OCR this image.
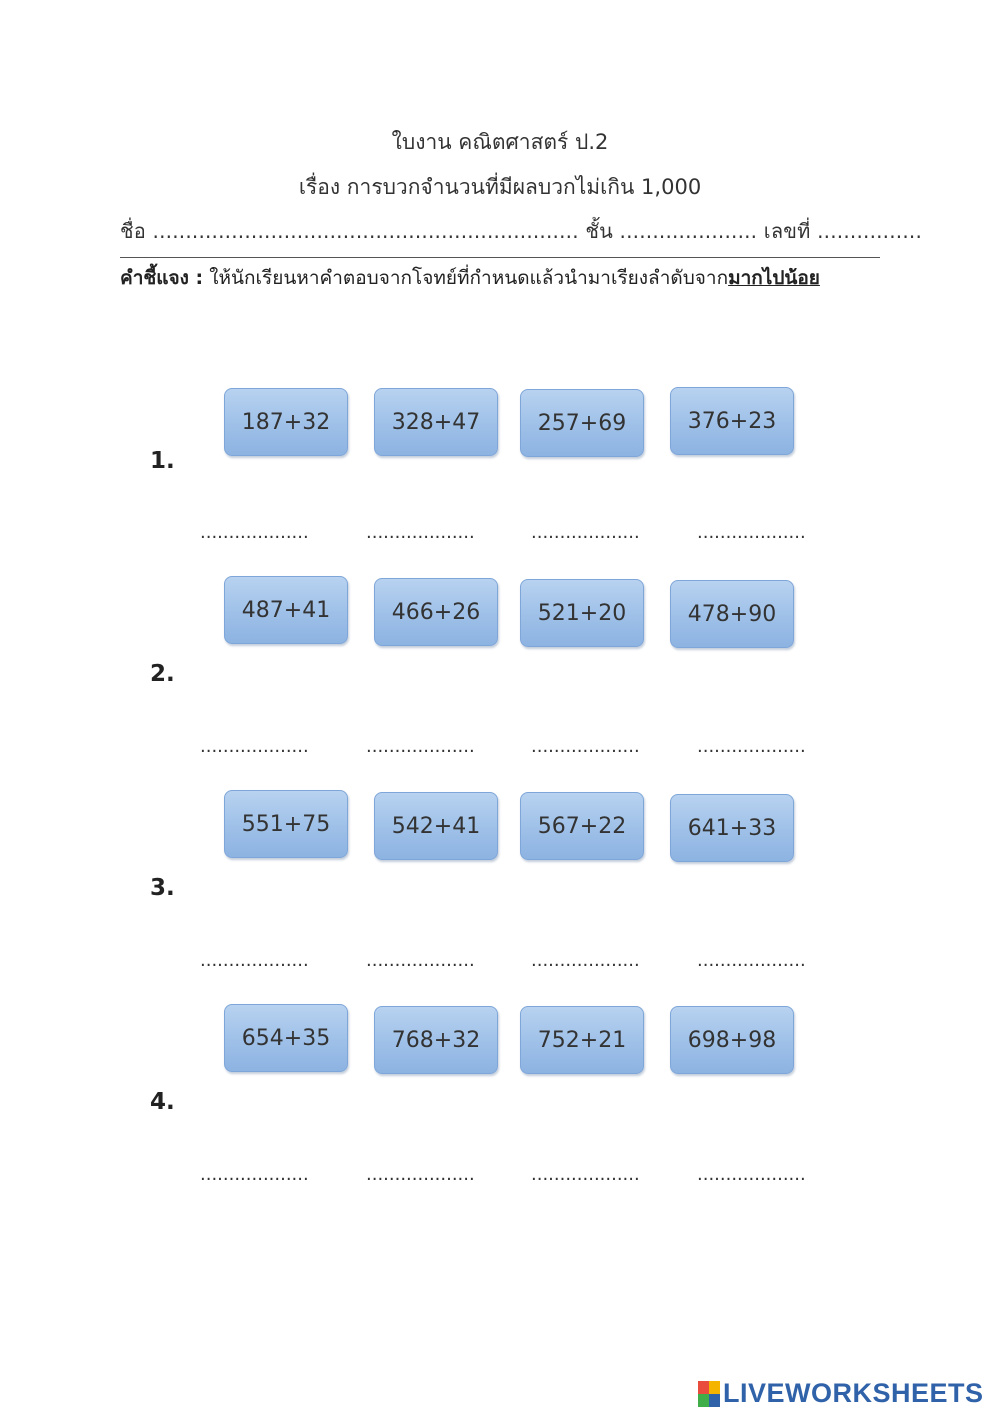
ใบงาน คณิตศาสตร์ ป.2
เรื่อง การบวกจำนวนที่มีผลบวกไม่เกิน 1,000
ชื่อ ................................................................. ชั้น ..................... เลขที่ ................
คำชี้แจง : ให้นักเรียนหาคำตอบจากโจทย์ที่กำหนดแล้วนำมาเรียงลำดับจากมากไปน้อย
187+32	328+47	257+69	376+23
1.
...................	...................	...................	...................
487+41	466+26	521+20	478+90
2.
...................	...................	...................	...................
551+75	542+41	567+22	641+33
3.
...................	...................	...................	...................
654+35	768+32	752+21	698+98
4.
...................	...................	...................	...................
LIVEWORKSHEETS
